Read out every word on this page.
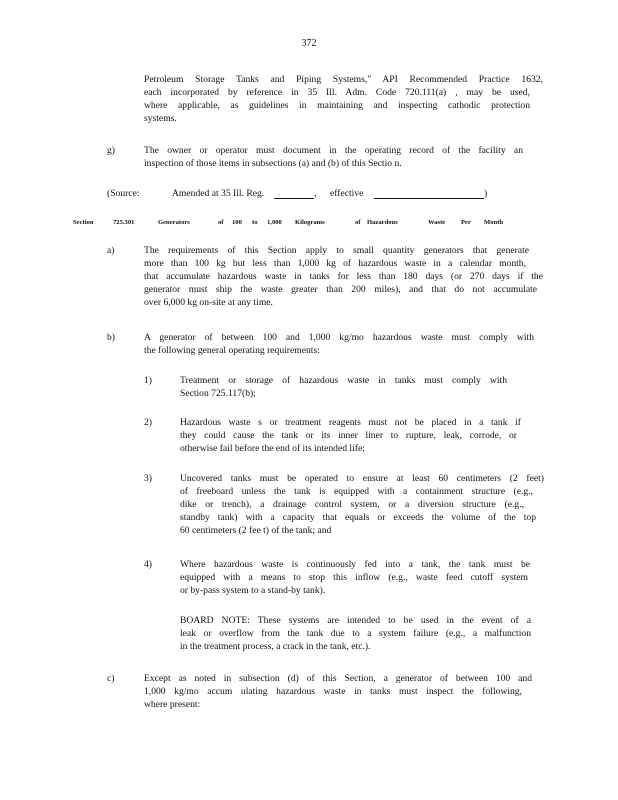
372
Petroleum Storage Tanks and Piping Systems," API Recommended Practice 1632,
each incorporated by reference in 35 Ill. Adm. Code 720.111(a) , may be used,
where applicable, as guidelines in maintaining and inspecting cathodic protection
systems.
g)	The owner or operator must document in the operating record of the facility an
inspection of those items in subsections (a) and (b) of this Sectio n.
(Source:	Amended at 35 Ill. Reg.	, effective	)
Section	725.301	Generators	of 100 to 1,000 Kilograms	of Hazardous	Waste Per Month
a)	The requirements of this Section apply to small quantity generators that generate
more than 100 kg but less than 1,000 kg of hazardous waste in a calendar month,
that accumulate hazardous waste in tanks for less than 180 days (or 270 days if the
generator must ship the waste greater than 200 miles), and that do not accumulate
over 6,000 kg on-site at any time.
b)	A generator of between 100 and 1,000 kg/mo hazardous waste must comply with
the following general operating requirements:
1)	Treatment or storage of hazardous waste in tanks must comply with
Section 725.117(b);
2)	Hazardous waste s or treatment reagents must not be placed in a tank if
they could cause the tank or its inner liner to rupture, leak, corrode, or
otherwise fail before the end of its intended life;
3)	Uncovered tanks must be operated to ensure at least 60 centimeters (2 feet)
of freeboard unless the tank is equipped with a containment structure (e.g.,
dike or trench), a drainage control system, or a diversion structure (e.g.,
standby tank) with a capacity that equals or exceeds the volume of the top
60 centimeters (2 fee t) of the tank; and
4)	Where hazardous waste is continuously fed into a tank, the tank must be
equipped with a means to stop this inflow (e.g., waste feed cutoff system
or by-pass system to a stand-by tank).
BOARD NOTE: These systems are intended to be used in the event of a
leak or overflow from the tank due to a system failure (e.g., a malfunction
in the treatment process, a crack in the tank, etc.).
c)	Except as noted in subsection (d) of this Section, a generator of between 100 and
1,000 kg/mo accum ulating hazardous waste in tanks must inspect the following,
where present:
